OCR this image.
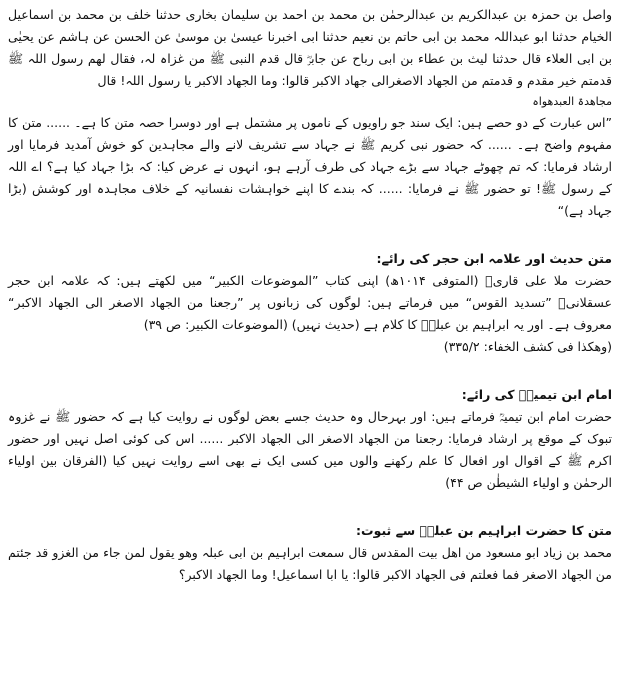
واصل بن حمزہ بن عبدالکریم بن عبدالرحمٰن بن محمد بن احمد بن سلیمان بخاری حدثنا خلف بن محمد بن اسماعیل الخیام حدثنا ابو عبداللہ محمد بن ابی حاتم بن نعیم حدثنا ابی اخبرنا عیسیٰ بن موسیٰ عن الحسن عن ہاشم عن یحیٰی بن ابی العلاء قال حدثنا لیث بن عطاء بن ابی رباح عن جابرؓ قال قدم النبی ﷺ من غزاہ لہ، فقال لھم رسول اللہ ﷺ قدمتم خیر مقدم و قدمتم من الجھاد الاصغرالی جھاد الاکبر قالوا: وما الجھاد الاکبر یا رسول اللہ! قال

مجاھدۃ العبدھواہ

”اس عبارت کے دو حصے ہیں: ایک سند جو راویوں کے ناموں پر مشتمل ہے اور دوسرا حصہ متن کا ہے۔ ...... متن کا مفہوم واضح ہے۔ ...... کہ حضور نبی کریم ﷺ نے جہاد سے تشریف لانے والے مجاہدین کو خوش آمدید فرمایا اور ارشاد فرمایا: کہ تم چھوٹے جہاد سے بڑے جہاد کی طرف آرہے ہو، انہوں نے عرض کیا: کہ بڑا جہاد کیا ہے؟ اے اللہ کے رسول ﷺ! تو حضور ﷺ نے فرمایا: ...... کہ بندے کا اپنے خواہشات نفسانیہ کے خلاف مجاہدہ اور کوشش (بڑا جہاد ہے)“

متن حدیث اور علامہ ابن حجر کی رائے:

حضرت ملا علی قاریؒ (المتوفی ۱۰۱۴ھ) اپنی کتاب ”الموضوعات الکبیر“ میں لکھتے ہیں: کہ علامہ ابن حجر عسقلانیؒ ”تسدید القوس“ میں فرماتے ہیں: لوگوں کی زبانوں پر ”رجعنا من الجھاد الاصغر الی الجھاد الاکبر“ معروف ہے۔ اور یہ ابراہیم بن عبلہؒ کا کلام ہے (حدیث نہیں) (الموضوعات الکبیر: ص ۳۹)

(وھکذا فی کشف الخفاء: ۳۳۵/۲)

امام ابن تیمیہؒ کی رائے:

حضرت امام ابن تیمیہؒ فرماتے ہیں: اور بہرحال وہ حدیث جسے بعض لوگوں نے روایت کیا ہے کہ حضور ﷺ نے غزوہ تبوک کے موقع پر ارشاد فرمایا: رجعنا من الجھاد الاصغر الی الجھاد الاکبر ...... اس کی کوئی اصل نہیں اور حضور اکرم ﷺ کے اقوال اور افعال کا علم رکھنے والوں میں کسی ایک نے بھی اسے روایت نہیں کیا (الفرقان بین اولیاء الرحمٰن و اولیاء الشیطٰن ص ۴۴)

متن کا حضرت ابراہیم بن عبلہؒ سے ثبوت:

محمد بن زیاد ابو مسعود من اھل بیت المقدس قال سمعت ابراہیم بن ابی عبلہ وھو یقول لمن جاء من الغزو قد جئتم من الجھاد الاصغر فما فعلتم فی الجھاد الاکبر قالوا: یا ابا اسماعیل! وما الجھاد الاکبر؟
